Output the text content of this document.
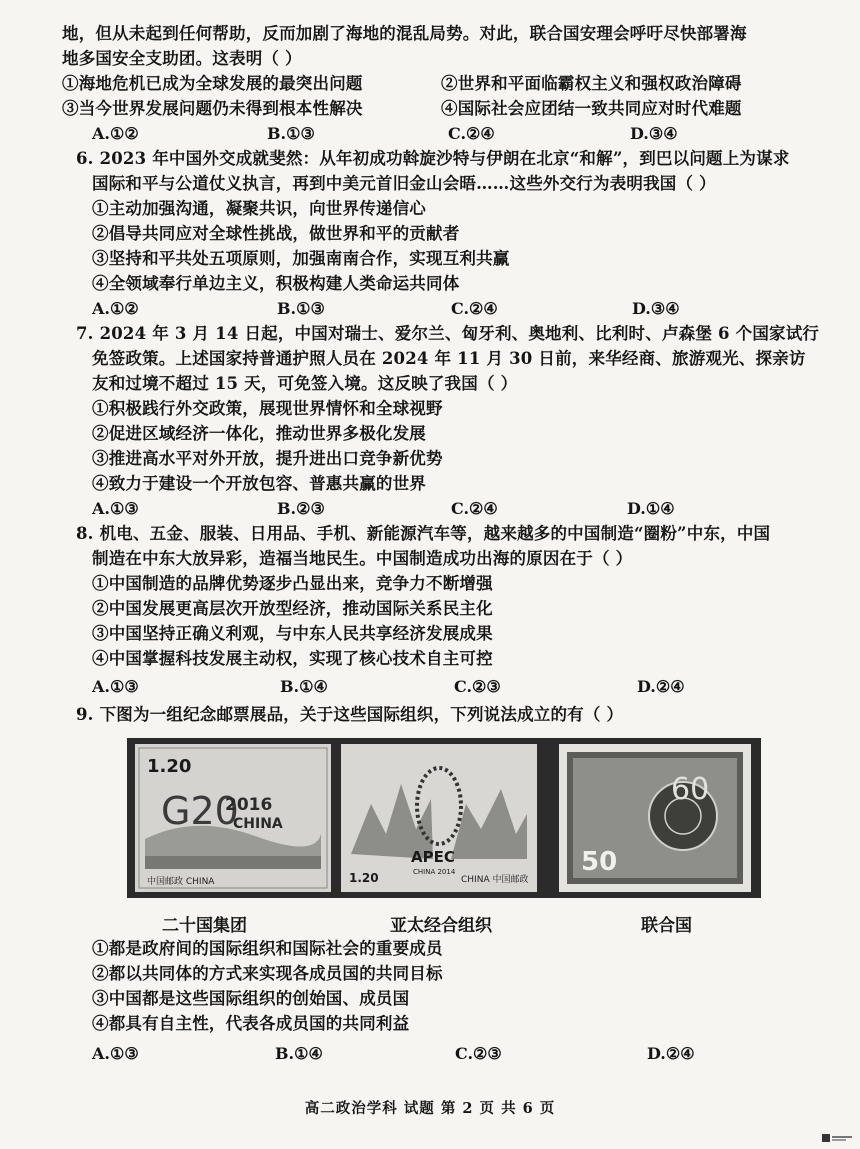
地，但从未起到任何帮助，反而加剧了海地的混乱局势。对此，联合国安理会呼吁尽快部署海
地多国安全支助团。这表明（ ）
①海地危机已成为全球发展的最突出问题	②世界和平面临霸权主义和强权政治障碍
③当今世界发展问题仍未得到根本性解决	④国际社会应团结一致共同应对时代难题
A.①②	B.①③	C.②④	D.③④
6. 2023 年中国外交成就斐然：从年初成功斡旋沙特与伊朗在北京“和解”，到巴以问题上为谋求
国际和平与公道仗义执言，再到中美元首旧金山会晤……这些外交行为表明我国（ ）
①主动加强沟通，凝聚共识，向世界传递信心
②倡导共同应对全球性挑战，做世界和平的贡献者
③坚持和平共处五项原则，加强南南合作，实现互利共赢
④全领域奉行单边主义，积极构建人类命运共同体
A.①②	B.①③	C.②④	D.③④
7. 2024 年 3 月 14 日起，中国对瑞士、爱尔兰、匈牙利、奥地利、比利时、卢森堡 6 个国家试行
免签政策。上述国家持普通护照人员在 2024 年 11 月 30 日前，来华经商、旅游观光、探亲访
友和过境不超过 15 天，可免签入境。这反映了我国（ ）
①积极践行外交政策，展现世界情怀和全球视野
②促进区域经济一体化，推动世界多极化发展
③推进高水平对外开放，提升进出口竞争新优势
④致力于建设一个开放包容、普惠共赢的世界
A.①③	B.②③	C.②④	D.①④
8. 机电、五金、服装、日用品、手机、新能源汽车等，越来越多的中国制造“圈粉”中东，中国
制造在中东大放异彩，造福当地民生。中国制造成功出海的原因在于（ ）
①中国制造的品牌优势逐步凸显出来，竞争力不断增强
②中国发展更高层次开放型经济，推动国际关系民主化
③中国坚持正确义利观，与中东人民共享经济发展成果
④中国掌握科技发展主动权，实现了核心技术自主可控
A.①③	B.①④	C.②③	D.②④
9. 下图为一组纪念邮票展品，关于这些国际组织，下列说法成立的有（ ）
1.20
G20
2016
CHINA
中国邮政 CHINA
APEC
CHINA 2014
1.20	CHINA 中国邮政
60
50
二十国集团	亚太经合组织	联合国
①都是政府间的国际组织和国际社会的重要成员
②都以共同体的方式来实现各成员国的共同目标
③中国都是这些国际组织的创始国、成员国
④都具有自主性，代表各成员国的共同利益
A.①③	B.①④	C.②③	D.②④
高二政治学科 试题 第 2 页 共 6 页
